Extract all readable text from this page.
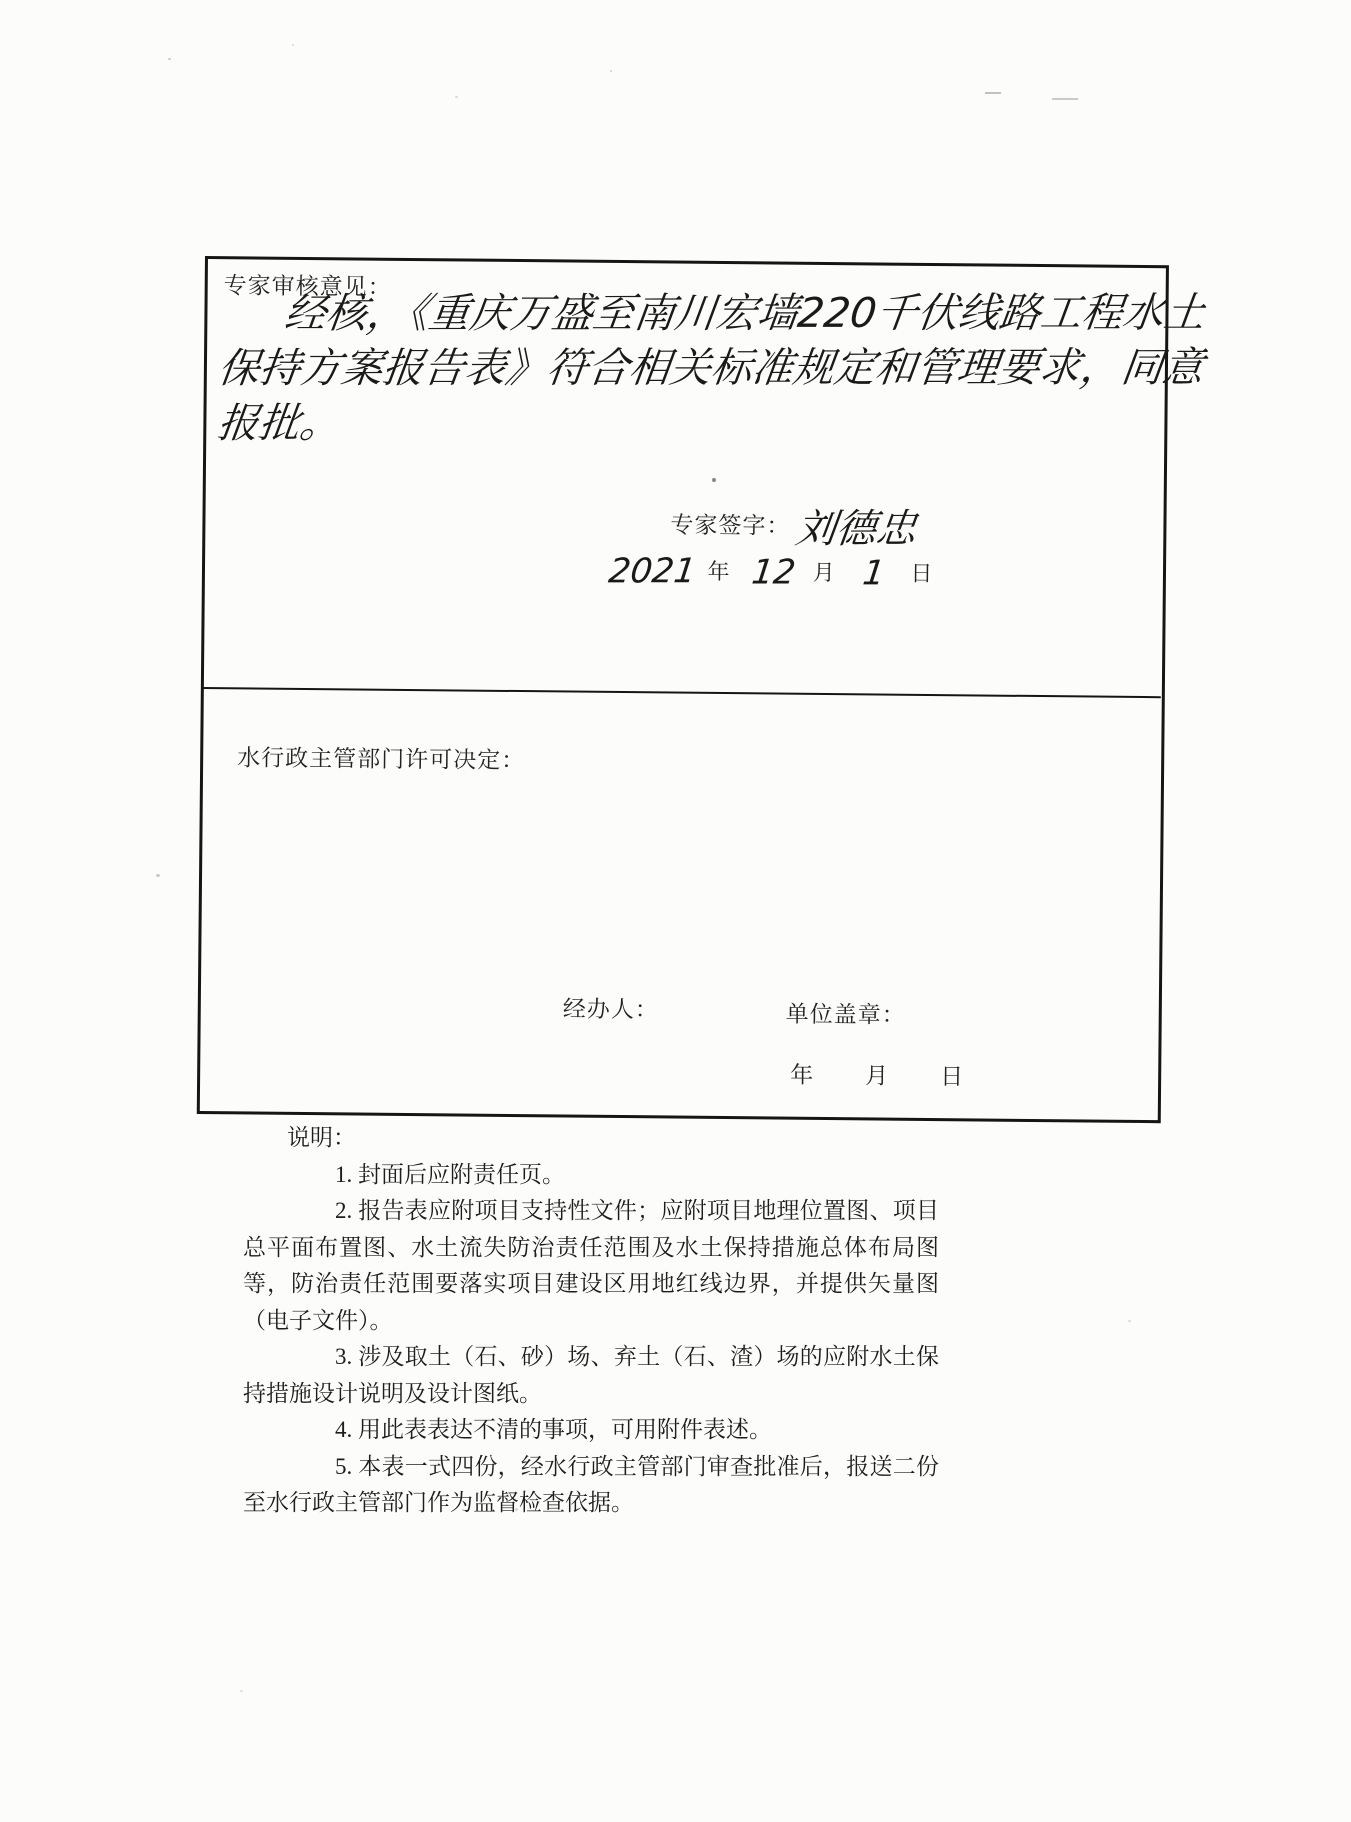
专家审核意见：
经核，《重庆万盛至南川宏墙220千伏线路工程水土
保持方案报告表》符合相关标准规定和管理要求，同意
报批。
专家签字：刘德忠
2021 年 12 月 1 日
水行政主管部门许可决定：
经办人：	单位盖章：
年　　月　　日

说明：

1. 封面后应附责任页。

2. 报告表应附项目支持性文件；应附项目地理位置图、项目总平面布置图、水土流失防治责任范围及水土保持措施总体布局图等，防治责任范围要落实项目建设区用地红线边界，并提供矢量图（电子文件）。

3. 涉及取土（石、砂）场、弃土（石、渣）场的应附水土保持措施设计说明及设计图纸。

4. 用此表表达不清的事项，可用附件表述。

5. 本表一式四份，经水行政主管部门审查批准后，报送二份至水行政主管部门作为监督检查依据。
